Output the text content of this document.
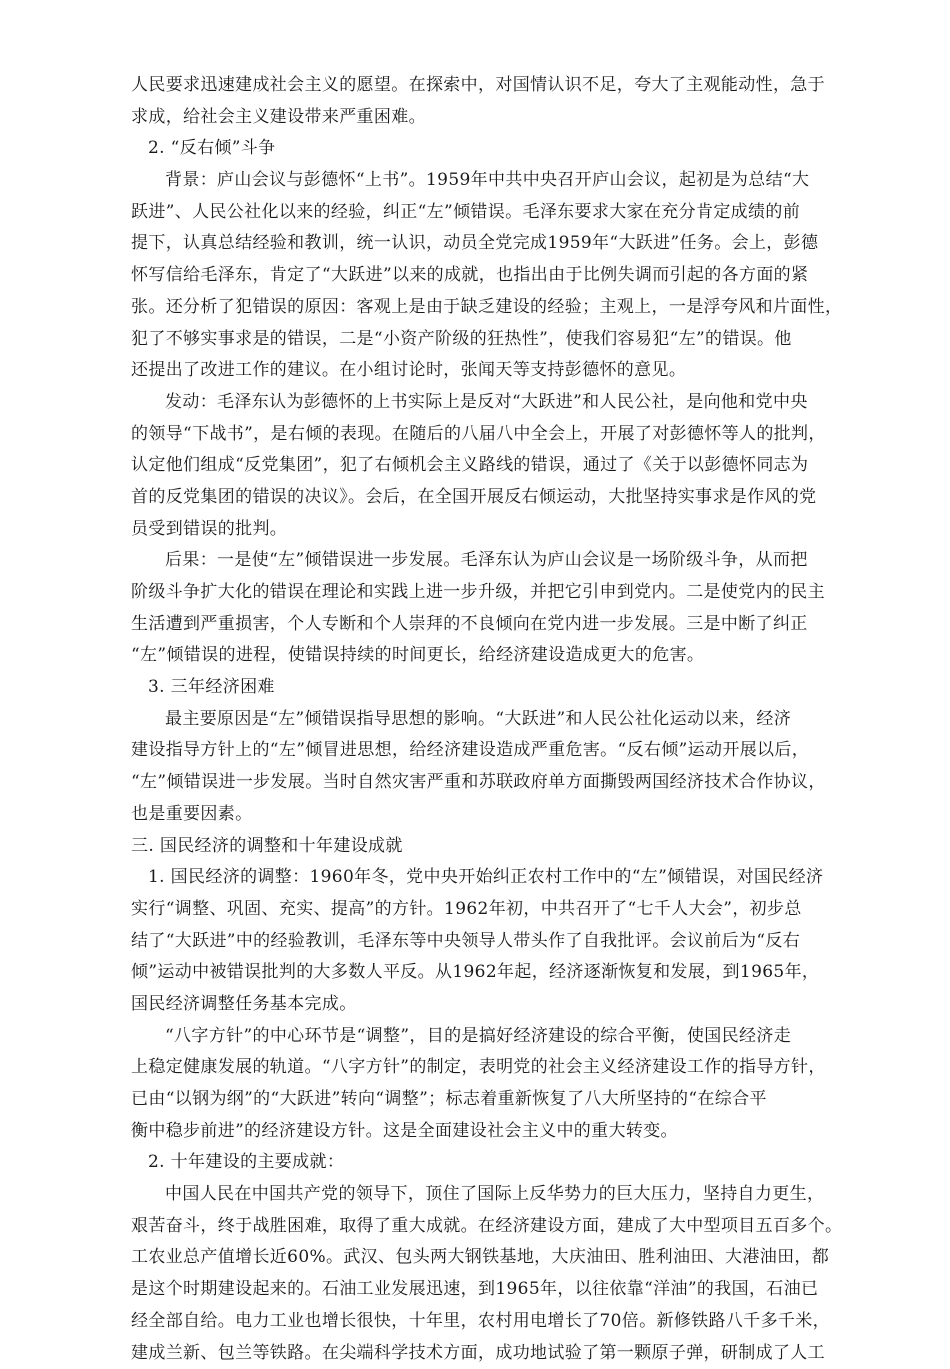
人民要求迅速建成社会主义的愿望。在探索中，对国情认识不足，夸大了主观能动性，急于
求成，给社会主义建设带来严重困难。
2. “反右倾”斗争
背景：庐山会议与彭德怀“上书”。1959年中共中央召开庐山会议，起初是为总结“大
跃进”、人民公社化以来的经验，纠正“左”倾错误。毛泽东要求大家在充分肯定成绩的前
提下，认真总结经验和教训，统一认识，动员全党完成1959年“大跃进”任务。会上，彭德
怀写信给毛泽东，肯定了“大跃进”以来的成就，也指出由于比例失调而引起的各方面的紧
张。还分析了犯错误的原因：客观上是由于缺乏建设的经验；主观上，一是浮夸风和片面性，
犯了不够实事求是的错误，二是“小资产阶级的狂热性”，使我们容易犯“左”的错误。他
还提出了改进工作的建议。在小组讨论时，张闻天等支持彭德怀的意见。
发动：毛泽东认为彭德怀的上书实际上是反对“大跃进”和人民公社，是向他和党中央
的领导“下战书”，是右倾的表现。在随后的八届八中全会上，开展了对彭德怀等人的批判，
认定他们组成“反党集团”，犯了右倾机会主义路线的错误，通过了《关于以彭德怀同志为
首的反党集团的错误的决议》。会后，在全国开展反右倾运动，大批坚持实事求是作风的党
员受到错误的批判。
后果：一是使“左”倾错误进一步发展。毛泽东认为庐山会议是一场阶级斗争，从而把
阶级斗争扩大化的错误在理论和实践上进一步升级，并把它引申到党内。二是使党内的民主
生活遭到严重损害，个人专断和个人崇拜的不良倾向在党内进一步发展。三是中断了纠正
“左”倾错误的进程，使错误持续的时间更长，给经济建设造成更大的危害。
3. 三年经济困难
最主要原因是“左”倾错误指导思想的影响。“大跃进”和人民公社化运动以来，经济
建设指导方针上的“左”倾冒进思想，给经济建设造成严重危害。“反右倾”运动开展以后，
“左”倾错误进一步发展。当时自然灾害严重和苏联政府单方面撕毁两国经济技术合作协议，
也是重要因素。
三. 国民经济的调整和十年建设成就
1. 国民经济的调整：1960年冬，党中央开始纠正农村工作中的“左”倾错误，对国民经济
实行“调整、巩固、充实、提高”的方针。1962年初，中共召开了“七千人大会”，初步总
结了“大跃进”中的经验教训，毛泽东等中央领导人带头作了自我批评。会议前后为“反右
倾”运动中被错误批判的大多数人平反。从1962年起，经济逐渐恢复和发展，到1965年，
国民经济调整任务基本完成。
“八字方针”的中心环节是“调整”，目的是搞好经济建设的综合平衡，使国民经济走
上稳定健康发展的轨道。“八字方针”的制定，表明党的社会主义经济建设工作的指导方针，
已由“以钢为纲”的“大跃进”转向“调整”；标志着重新恢复了八大所坚持的“在综合平
衡中稳步前进”的经济建设方针。这是全面建设社会主义中的重大转变。
2. 十年建设的主要成就：
中国人民在中国共产党的领导下，顶住了国际上反华势力的巨大压力，坚持自力更生，
艰苦奋斗，终于战胜困难，取得了重大成就。在经济建设方面，建成了大中型项目五百多个。
工农业总产值增长近60%。武汉、包头两大钢铁基地，大庆油田、胜利油田、大港油田，都
是这个时期建设起来的。石油工业发展迅速，到1965年，以往依靠“洋油”的我国，石油已
经全部自给。电力工业也增长很快，十年里，农村用电增长了70倍。新修铁路八千多千米，
建成兰新、包兰等铁路。在尖端科学技术方面，成功地试验了第一颗原子弹，研制成了人工
